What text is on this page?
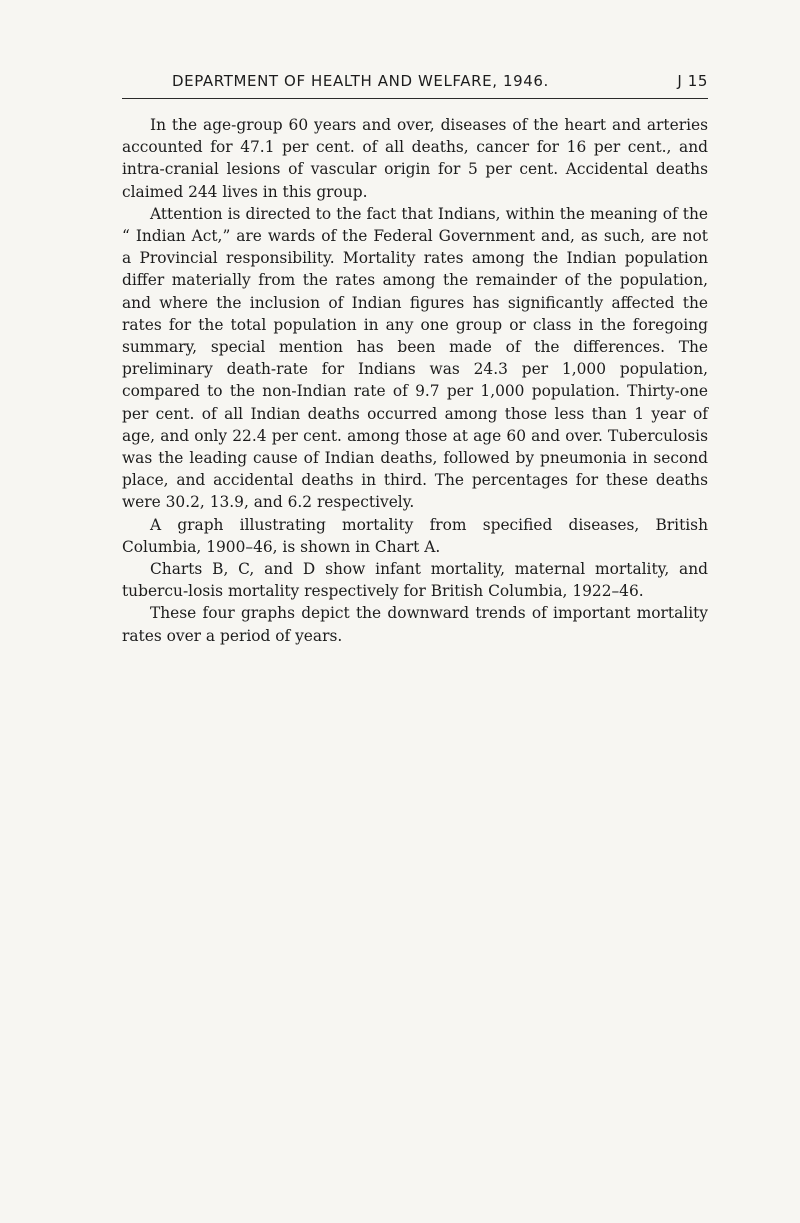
DEPARTMENT OF HEALTH AND WELFARE, 1946.	J 15

In the age-group 60 years and over, diseases of the heart and arteries accounted for 47.1 per cent. of all deaths, cancer for 16 per cent., and intra-cranial lesions of vascular origin for 5 per cent. Accidental deaths claimed 244 lives in this group.

Attention is directed to the fact that Indians, within the meaning of the “ Indian Act,” are wards of the Federal Government and, as such, are not a Provincial responsibility. Mortality rates among the Indian population differ materially from the rates among the remainder of the population, and where the inclusion of Indian figures has significantly affected the rates for the total population in any one group or class in the foregoing summary, special mention has been made of the differences. The preliminary death-rate for Indians was 24.3 per 1,000 population, compared to the non-Indian rate of 9.7 per 1,000 population. Thirty-one per cent. of all Indian deaths occurred among those less than 1 year of age, and only 22.4 per cent. among those at age 60 and over. Tuberculosis was the leading cause of Indian deaths, followed by pneumonia in second place, and accidental deaths in third. The percentages for these deaths were 30.2, 13.9, and 6.2 respectively.

A graph illustrating mortality from specified diseases, British Columbia, 1900–46, is shown in Chart A.

Charts B, C, and D show infant mortality, maternal mortality, and tubercu-losis mortality respectively for British Columbia, 1922–46.

These four graphs depict the downward trends of important mortality rates over a period of years.
